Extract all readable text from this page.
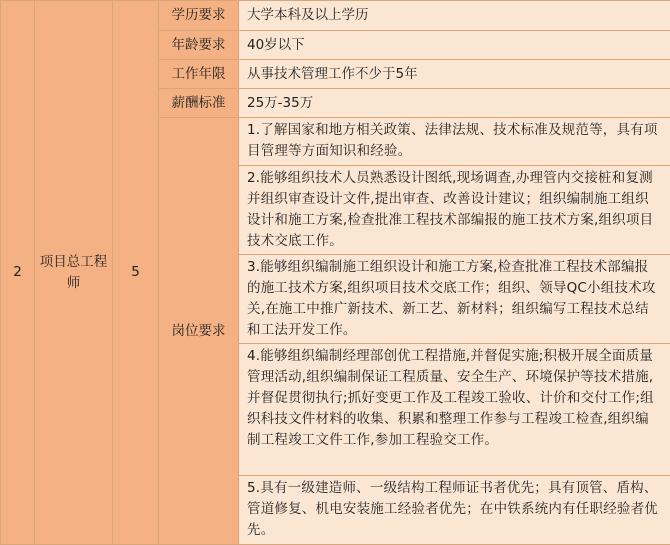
2	项目总工程师	5	学历要求	大学本科及以上学历
			年龄要求	40岁以下
			工作年限	从事技术管理工作不少于5年
			薪酬标准	25万-35万
			岗位要求	1.了解国家和地方相关政策、法律法规、技术标准及规范等，具有项目管理等方面知识和经验。

				2.能够组织技术人员熟悉设计图纸,现场调查,办理管内交接桩和复测并组织审查设计文件,提出审查、改善设计建议；组织编制施工组织设计和施工方案,检查批准工程技术部编报的施工技术方案,组织项目技术交底工作。

				3.能够组织编制施工组织设计和施工方案,检查批准工程技术部编报的施工技术方案,组织项目技术交底工作；组织、领导QC小组技术攻关,在施工中推广新技术、新工艺、新材料；组织编写工程技术总结和工法开发工作。

				4.能够组织编制经理部创优工程措施,并督促实施;积极开展全面质量管理活动,组织编制保证工程质量、安全生产、环境保护等技术措施,并督促贯彻执行;抓好变更工作及工程竣工验收、计价和交付工作;组织科技文件材料的收集、积累和整理工作参与工程竣工检查,组织编制工程竣工文件工作,参加工程验交工作。

				5.具有一级建造师、一级结构工程师证书者优先；具有顶管、盾构、管道修复、机电安装施工经验者优先；在中铁系统内有任职经验者优先。
